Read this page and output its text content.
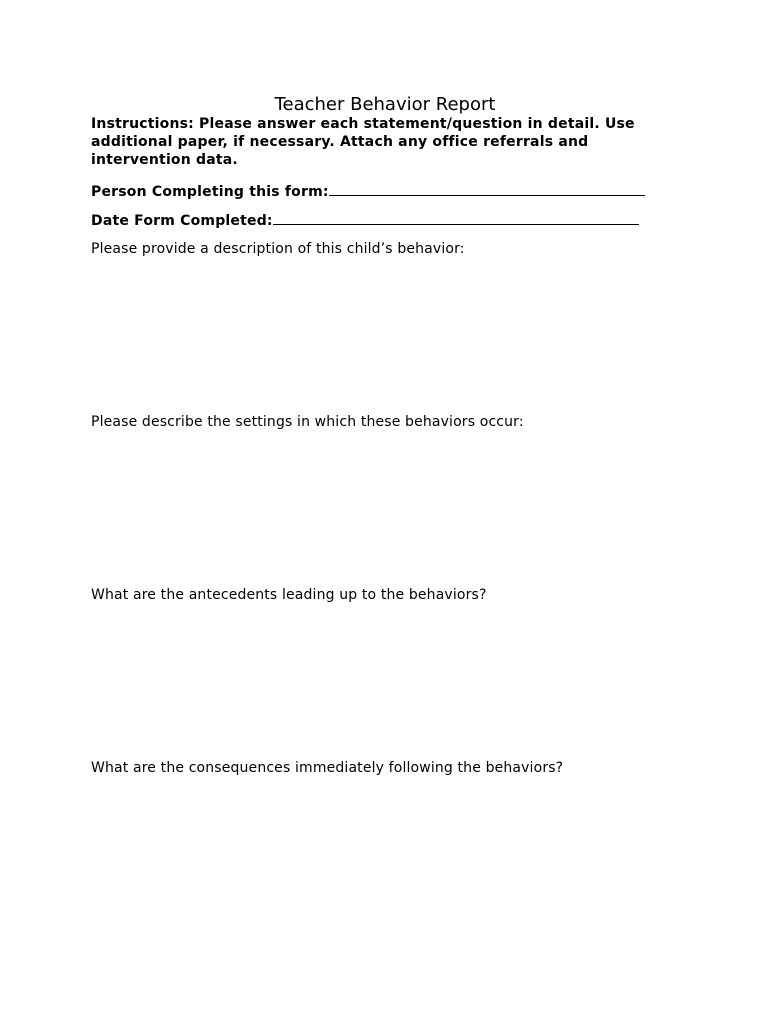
Teacher Behavior Report
Instructions: Please answer each statement/question in detail. Use
additional paper, if necessary. Attach any office referrals and
intervention data.
Person Completing this form:
Date Form Completed:
Please provide a description of this child’s behavior:
Please describe the settings in which these behaviors occur:
What are the antecedents leading up to the behaviors?
What are the consequences immediately following the behaviors?
